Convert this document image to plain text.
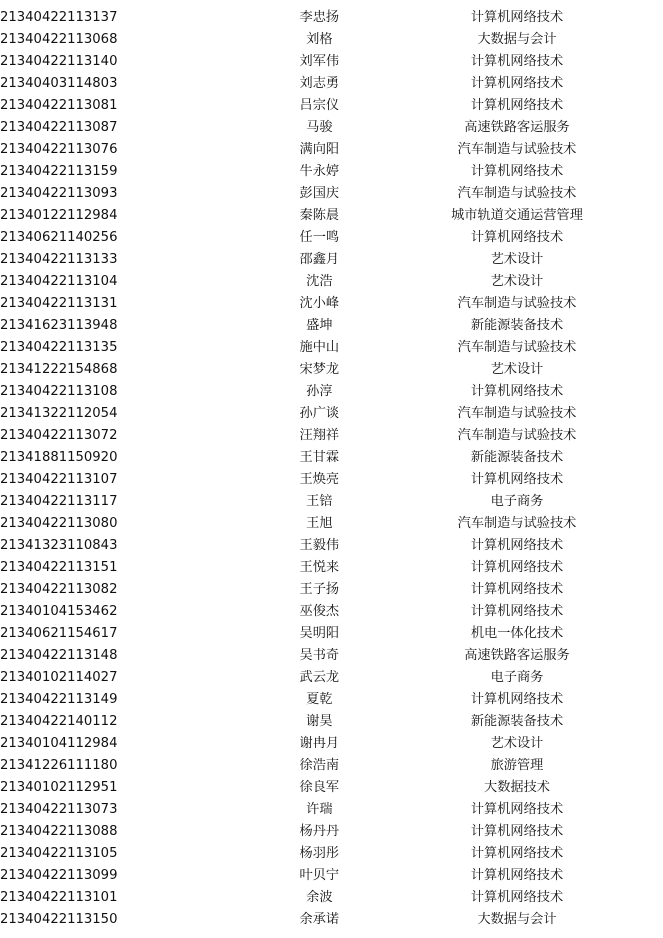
21340422113137	李忠扬	计算机网络技术	
21340422113068	刘格	大数据与会计	
21340422113140	刘军伟	计算机网络技术	
21340403114803	刘志勇	计算机网络技术	
21340422113081	吕宗仪	计算机网络技术	
21340422113087	马骏	高速铁路客运服务	
21340422113076	满向阳	汽车制造与试验技术	
21340422113159	牛永婷	计算机网络技术	
21340422113093	彭国庆	汽车制造与试验技术	
21340122112984	秦陈晨	城市轨道交通运营管理	
21340621140256	任一鸣	计算机网络技术	
21340422113133	邵鑫月	艺术设计	
21340422113104	沈浩	艺术设计	
21340422113131	沈小峰	汽车制造与试验技术	
21341623113948	盛坤	新能源装备技术	
21340422113135	施中山	汽车制造与试验技术	
21341222154868	宋梦龙	艺术设计	
21340422113108	孙淳	计算机网络技术	
21341322112054	孙广谈	汽车制造与试验技术	
21340422113072	汪翔祥	汽车制造与试验技术	
21341881150920	王甘霖	新能源装备技术	
21340422113107	王焕亮	计算机网络技术	
21340422113117	王锫	电子商务	
21340422113080	王旭	汽车制造与试验技术	
21341323110843	王毅伟	计算机网络技术	
21340422113151	王悦来	计算机网络技术	
21340422113082	王子扬	计算机网络技术	
21340104153462	巫俊杰	计算机网络技术	
21340621154617	吴明阳	机电一体化技术	
21340422113148	吴书奇	高速铁路客运服务	
21340102114027	武云龙	电子商务	
21340422113149	夏乾	计算机网络技术	
21340422140112	谢昊	新能源装备技术	
21340104112984	谢冉月	艺术设计	
21341226111180	徐浩南	旅游管理	
21340102112951	徐良军	大数据技术	
21340422113073	许瑞	计算机网络技术	
21340422113088	杨丹丹	计算机网络技术	
21340422113105	杨羽彤	计算机网络技术	
21340422113099	叶贝宁	计算机网络技术	
21340422113101	余波	计算机网络技术	
21340422113150	余承诺	大数据与会计	
